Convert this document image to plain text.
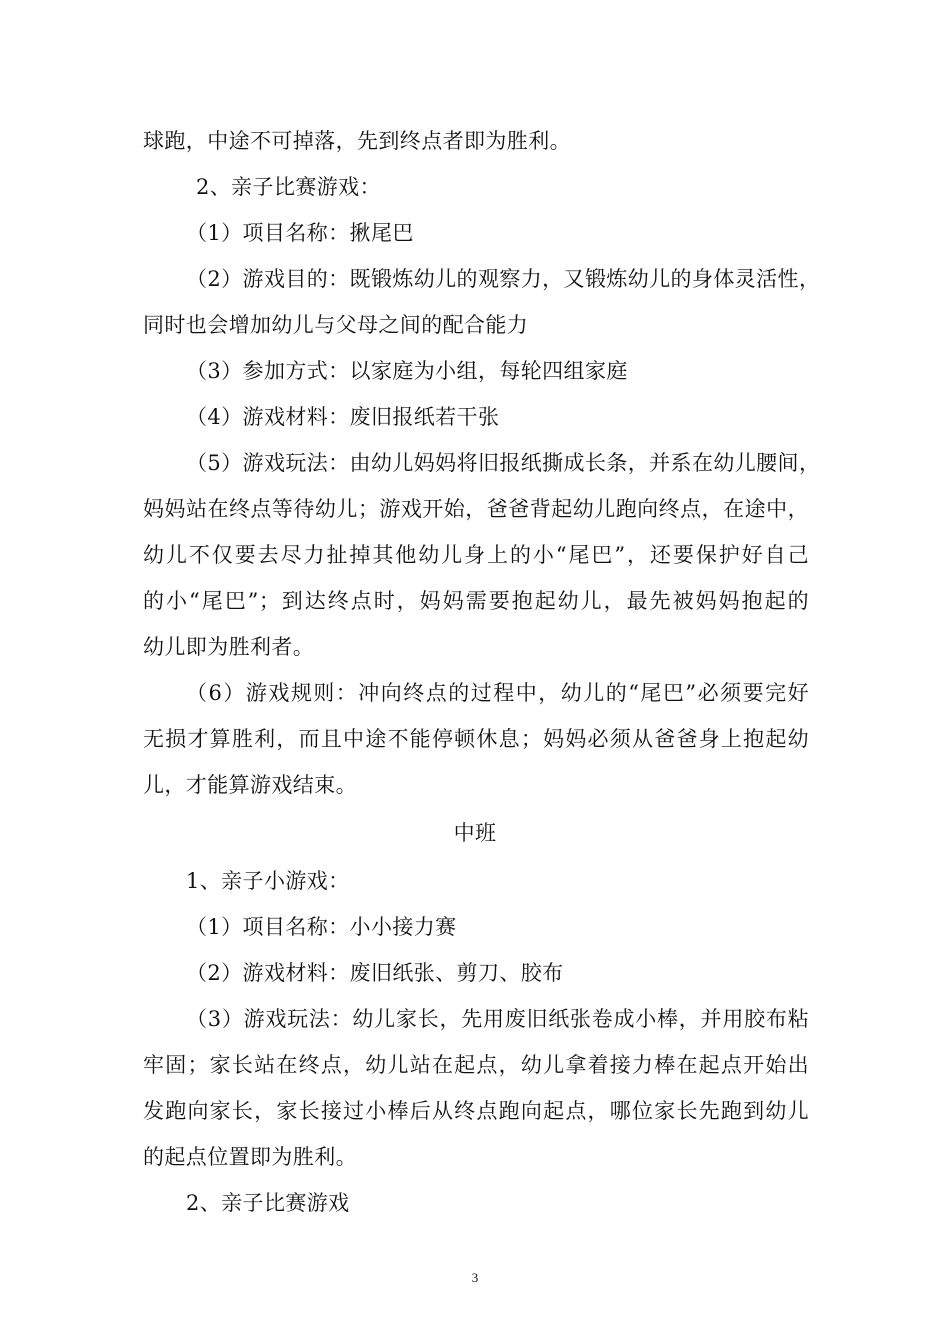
球跑，中途不可掉落，先到终点者即为胜利。
2、亲子比赛游戏：
（1）项目名称：揪尾巴
（2）游戏目的：既锻炼幼儿的观察力，又锻炼幼儿的身体灵活性，
同时也会增加幼儿与父母之间的配合能力
（3）参加方式：以家庭为小组，每轮四组家庭
（4）游戏材料：废旧报纸若干张
（5）游戏玩法：由幼儿妈妈将旧报纸撕成长条，并系在幼儿腰间，
妈妈站在终点等待幼儿；游戏开始，爸爸背起幼儿跑向终点，在途中，
幼儿不仅要去尽力扯掉其他幼儿身上的小“尾巴”，还要保护好自己
的小“尾巴”；到达终点时，妈妈需要抱起幼儿，最先被妈妈抱起的
幼儿即为胜利者。
（6）游戏规则：冲向终点的过程中，幼儿的“尾巴”必须要完好
无损才算胜利，而且中途不能停顿休息；妈妈必须从爸爸身上抱起幼
儿，才能算游戏结束。
中班
1、亲子小游戏：
（1）项目名称：小小接力赛
（2）游戏材料：废旧纸张、剪刀、胶布
（3）游戏玩法：幼儿家长，先用废旧纸张卷成小棒，并用胶布粘
牢固；家长站在终点，幼儿站在起点，幼儿拿着接力棒在起点开始出
发跑向家长，家长接过小棒后从终点跑向起点，哪位家长先跑到幼儿
的起点位置即为胜利。
2、亲子比赛游戏
3
